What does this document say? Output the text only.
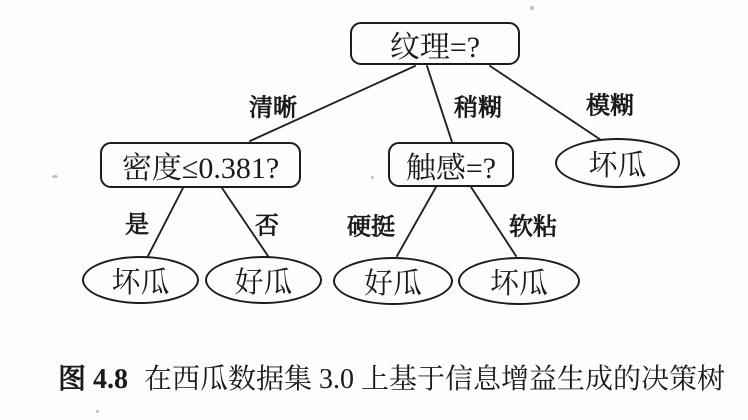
纹理=?
清晰	稍糊	模糊
密度≤0.381?	触感=?	坏瓜
是	否	硬挺	软粘
坏瓜 好瓜 好瓜 坏瓜
图 4.8 在西瓜数据集 3.0 上基于信息增益生成的决策树
